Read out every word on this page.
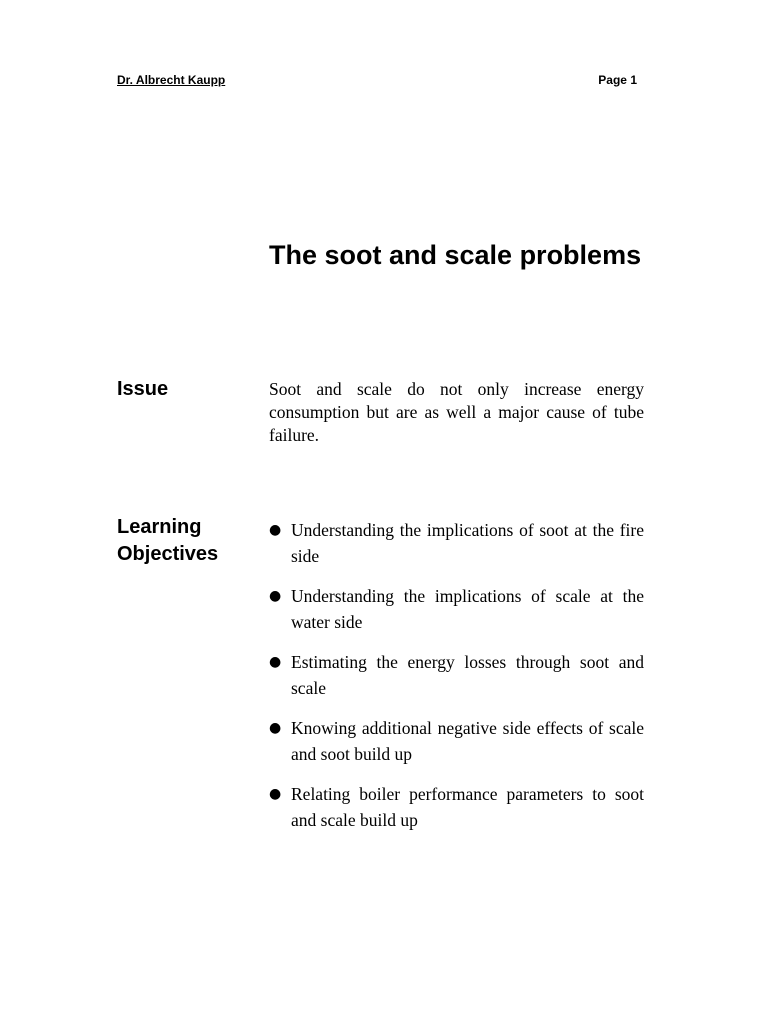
Dr. Albrecht Kaupp	Page 1
The soot and scale problems
Issue	Soot and scale do not only increase energy consumption but are as well a major cause of tube failure.

Learning Objectives
● Understanding the implications of soot at the fire side
● Understanding the implications of scale at the water side
● Estimating the energy losses through soot and scale
● Knowing additional negative side effects of scale and soot build up
● Relating boiler performance parameters to soot and scale build up
